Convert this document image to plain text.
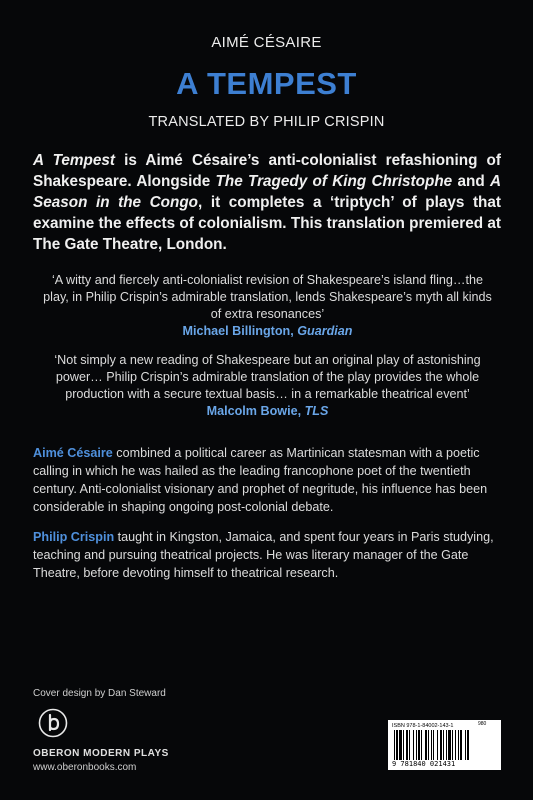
AIMÉ CÉSAIRE
A TEMPEST
TRANSLATED BY PHILIP CRISPIN

A Tempest is Aimé Césaire’s anti-colonialist refashioning of Shakespeare. Alongside The Tragedy of King Christophe and A Season in the Congo, it completes a ‘triptych’ of plays that examine the effects of colonialism. This translation premiered at The Gate Theatre, London.

‘A witty and fiercely anti-colonialist revision of Shakespeare’s island fling…the play, in Philip Crispin’s admirable translation, lends Shakespeare’s myth all kinds of extra resonances’
Michael Billington, Guardian
‘Not simply a new reading of Shakespeare but an original play of astonishing power… Philip Crispin’s admirable translation of the play provides the whole production with a secure textual basis… in a remarkable theatrical event’
Malcolm Bowie, TLS

Aimé Césaire combined a political career as Martinican statesman with a poetic calling in which he was hailed as the leading francophone poet of the twentieth century. Anti-colonialist visionary and prophet of negritude, his influence has been considerable in shaping ongoing post-colonial debate.

Philip Crispin taught in Kingston, Jamaica, and spent four years in Paris studying, teaching and pursuing theatrical projects. He was literary manager of the Gate Theatre, before devoting himself to theatrical research.

Cover design by Dan Steward
OBERON MODERN PLAYS
www.oberonbooks.com
ISBN 978-1-84002-143-1
9 781840 021431
980
